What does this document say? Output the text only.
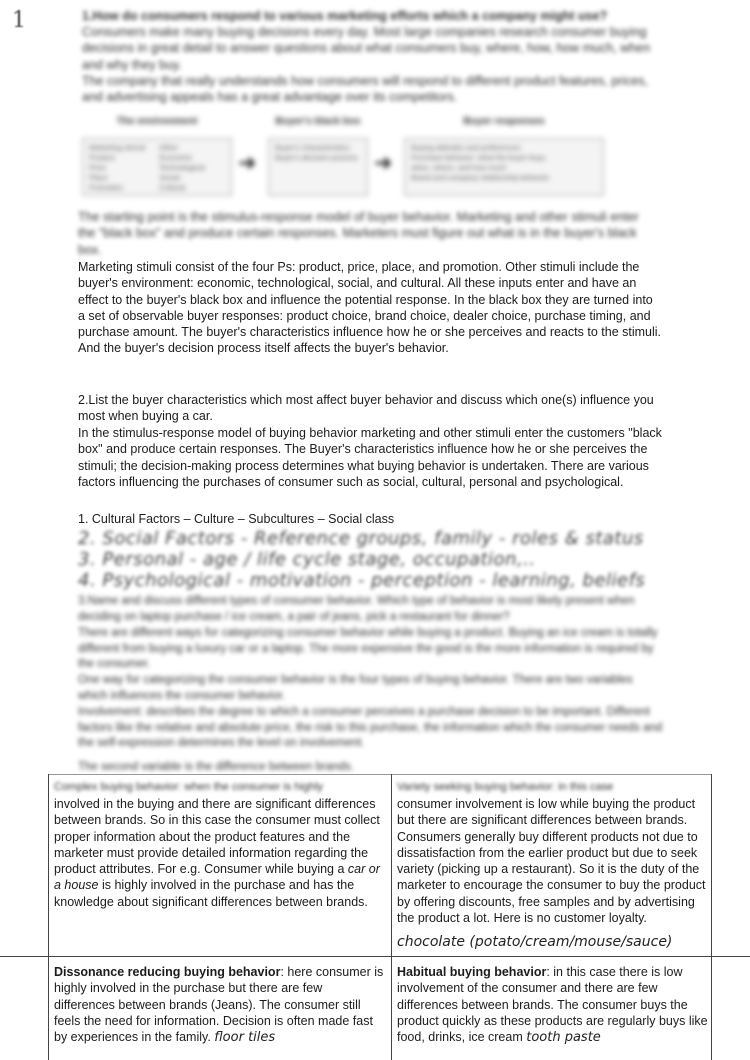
1	1.How do consumers respond to various marketing efforts which a company might use?

Consumers make many buying decisions every day. Most large companies research consumer buying decisions in great detail to answer questions about what consumers buy, where, how, how much, when and why they buy.

The company that really understands how consumers will respond to different product features, prices, and advertising appeals has a great advantage over its competitors.

The environment
Marketing stimuli
Product
Price
Place
Promotion
Other
Economic
Technological
Social
Cultural
➜
Buyer's black box
Buyer's characteristics
Buyer's decision process ➜
Buyer responses
Buying attitudes and preferences
Purchase behavior: what the buyer buys,
when, where, and how much
Brand and company relationship behavior

The starting point is the stimulus-response model of buyer behavior. Marketing and other stimuli enter the "black box" and produce certain responses. Marketers must figure out what is in the buyer's black box.

Marketing stimuli consist of the four Ps: product, price, place, and promotion. Other stimuli include the buyer's environment: economic, technological, social, and cultural. All these inputs enter and have an effect to the buyer's black box and influence the potential response. In the black box they are turned into a set of observable buyer responses: product choice, brand choice, dealer choice, purchase timing, and purchase amount. The buyer's characteristics influence how he or she perceives and reacts to the stimuli. And the buyer's decision process itself affects the buyer's behavior.

2.List the buyer characteristics which most affect buyer behavior and discuss which one(s) influence you most when buying a car.

In the stimulus-response model of buying behavior marketing and other stimuli enter the customers "black box" and produce certain responses. The Buyer's characteristics influence how he or she perceives the stimuli; the decision-making process determines what buying behavior is undertaken. There are various factors influencing the purchases of consumer such as social, cultural, personal and psychological.

1. Cultural Factors – Culture – Subcultures – Social class

2. Social Factors - Reference groups, family - roles & status
3. Personal - age / life cycle stage, occupation,..
4. Psychological - motivation - perception - learning, beliefs

3.Name and discuss different types of consumer behavior. Which type of behavior is most likely present when deciding on laptop purchase / ice cream, a pair of jeans, pick a restaurant for dinner?

There are different ways for categorizing consumer behavior while buying a product. Buying an ice cream is totally different from buying a luxury car or a laptop. The more expensive the good is the more information is required by the consumer.

One way for categorizing the consumer behavior is the four types of buying behavior. There are two variables which influences the consumer behavior.

Involvement: describes the degree to which a consumer perceives a purchase decision to be important. Different factors like the relative and absolute price, the risk to this purchase, the information which the consumer needs and the self-expression determines the level on involvement.

The second variable is the difference between brands.

Complex buying behavior: when the consumer is highly

involved in the buying and there are significant differences between brands. So in this case the consumer must collect proper information about the product features and the marketer must provide detailed information regarding the product attributes. For e.g. Consumer while buying a car or a house is highly involved in the purchase and has the knowledge about significant differences between brands.

Variety seeking buying behavior: in this case

consumer involvement is low while buying the product but there are significant differences between brands. Consumers generally buy different products not due to dissatisfaction from the earlier product but due to seek variety (picking up a restaurant). So it is the duty of the marketer to encourage the consumer to buy the product by offering discounts, free samples and by advertising the product a lot. Here is no customer loyalty.

chocolate (potato/cream/mouse/sauce)

Dissonance reducing buying behavior: here consumer is highly involved in the purchase but there are few differences between brands (Jeans). The consumer still feels the need for information. Decision is often made fast by experiences in the family. floor tiles

Habitual buying behavior: in this case there is low involvement of the consumer and there are few differences between brands. The consumer buys the product quickly as these products are regularly buys like food, drinks, ice cream tooth paste
